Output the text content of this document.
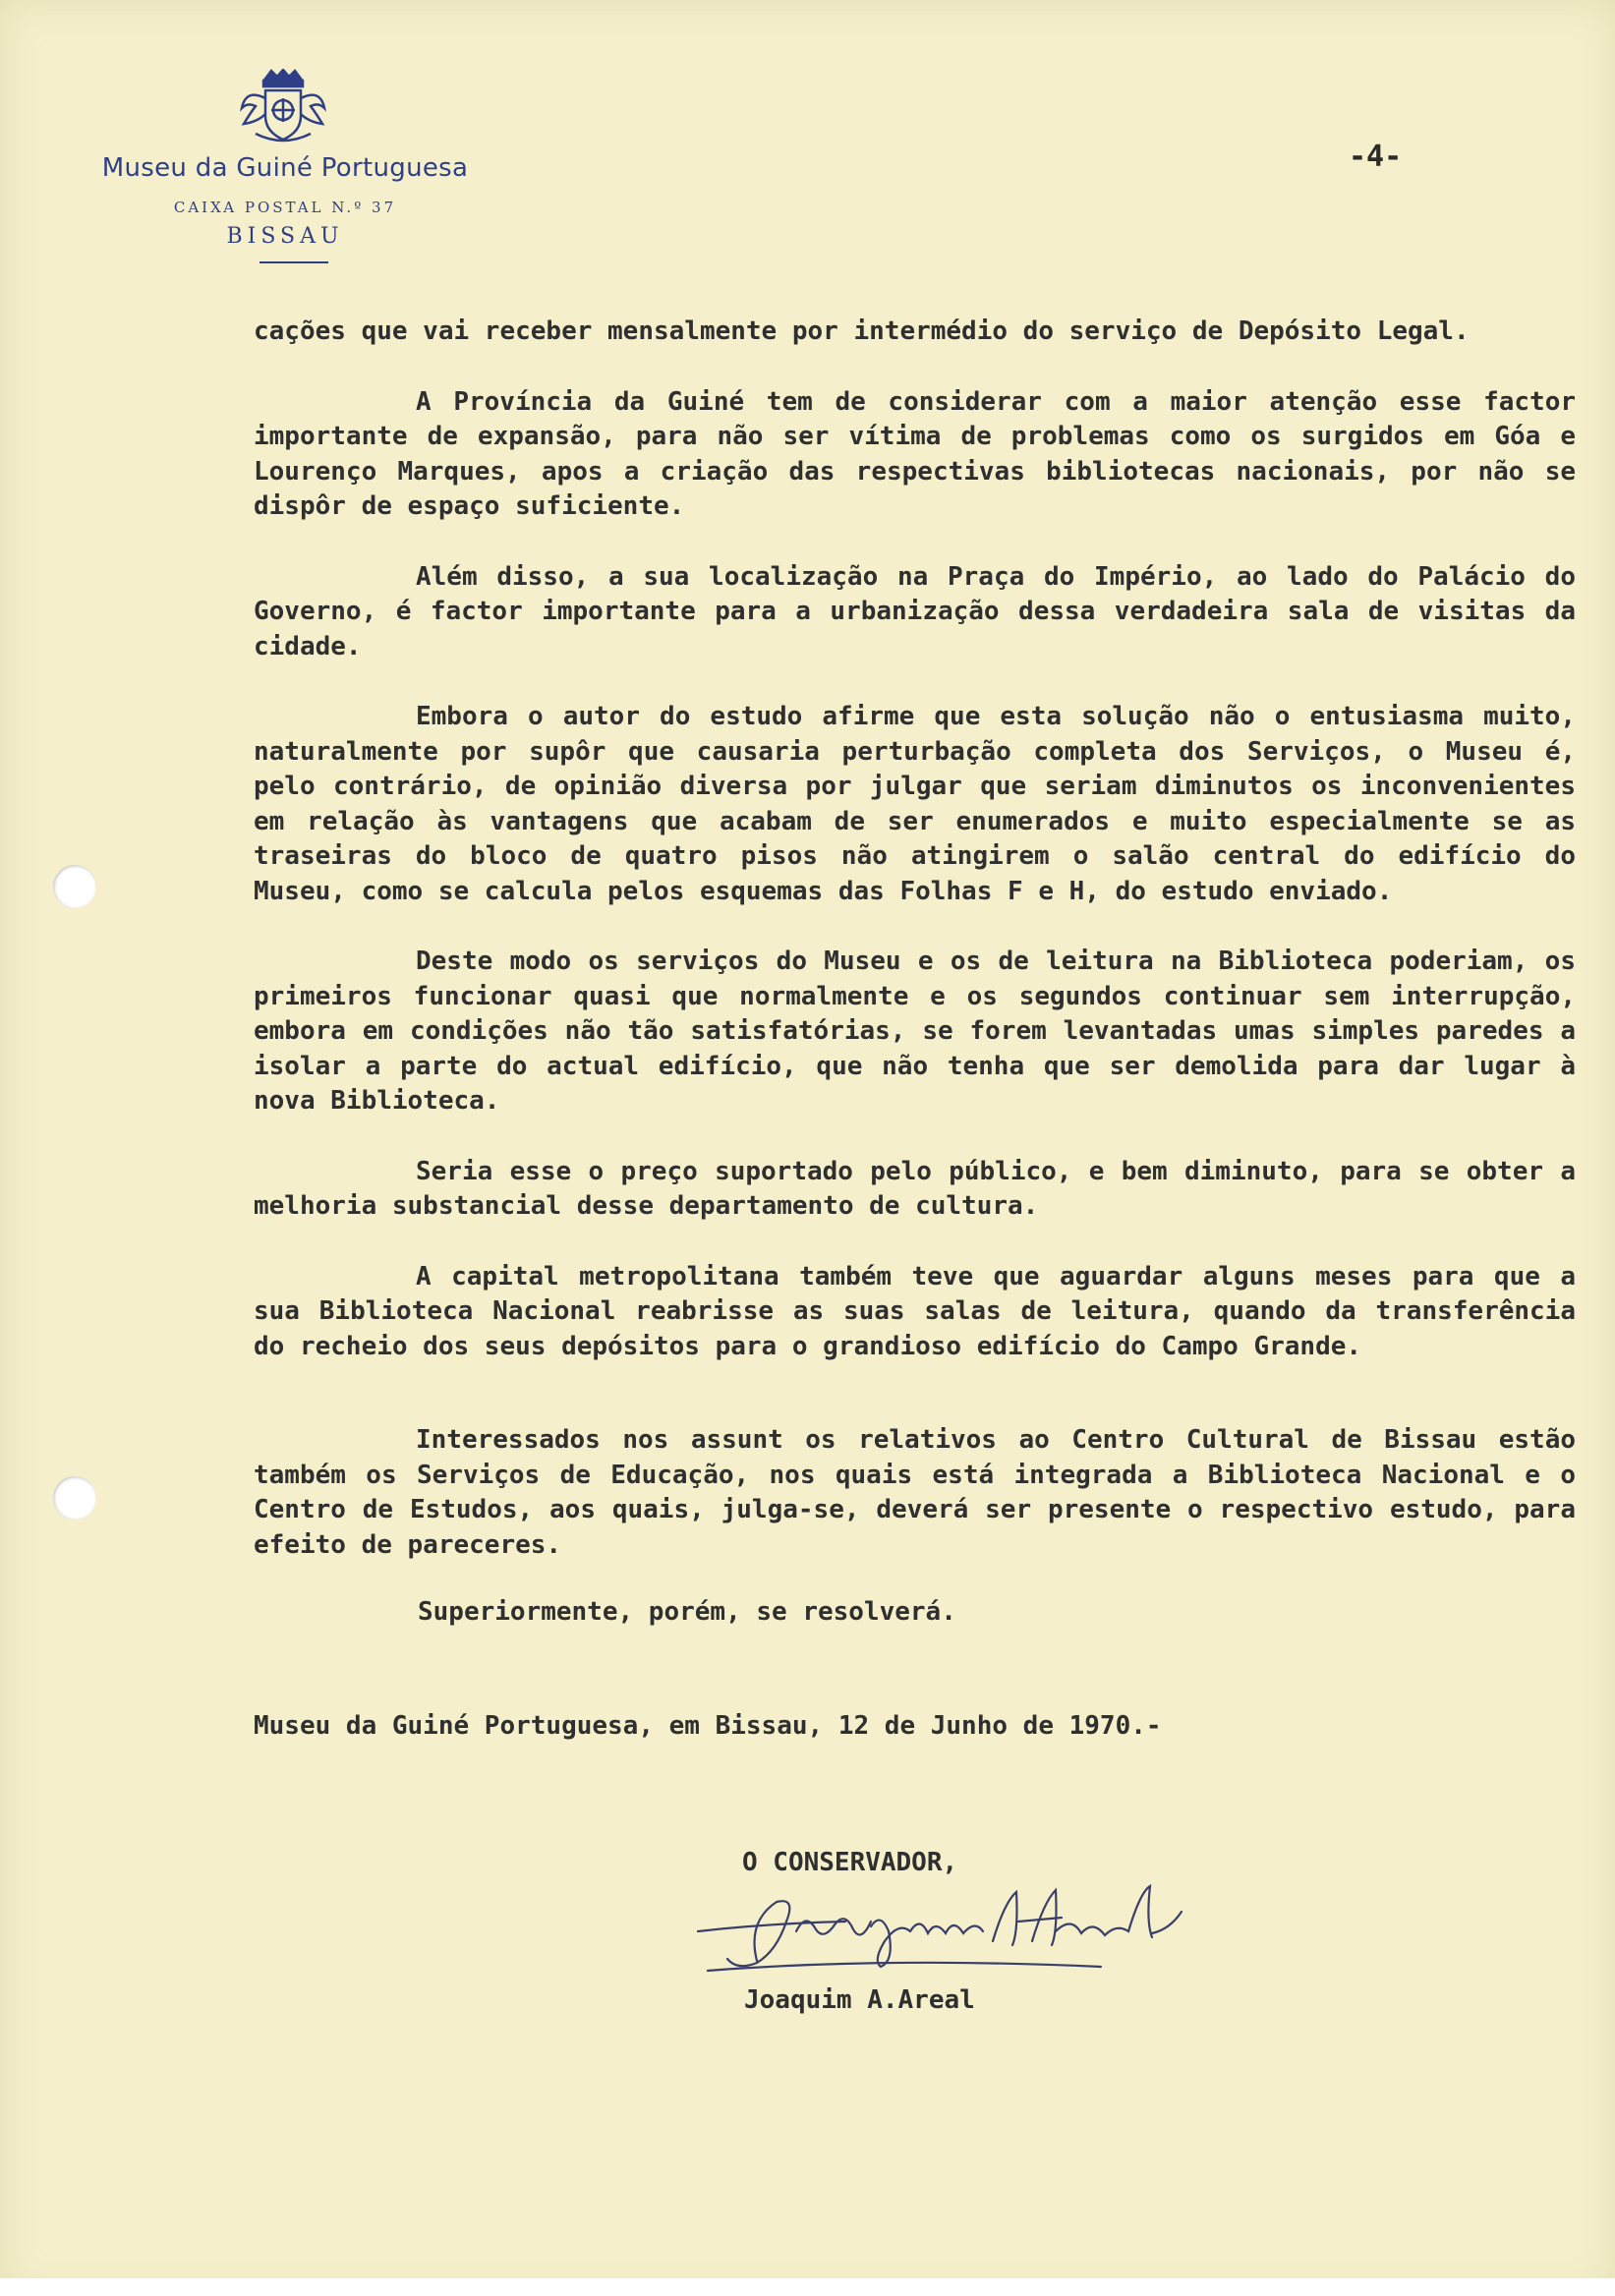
Museu da Guiné Portuguesa
CAIXA POSTAL N.º 37
BISSAU
-4-

cações que vai receber mensalmente por intermédio do serviço de Depósito Legal.

A Província da Guiné tem de considerar com a maior atenção esse factor importante de expansão, para não ser vítima de problemas como os surgidos em Góa e Lourenço Marques, apos a criação das respectivas bibliotecas nacionais, por não se dispôr de espaço suficiente.

Além disso, a sua localização na Praça do Império, ao lado do Palácio do Governo, é factor importante para a urbanização dessa verdadeira sala de visitas da cidade.

Embora o autor do estudo afirme que esta solução não o entusiasma muito, naturalmente por supôr que causaria perturbação completa dos Serviços, o Museu é, pelo contrário, de opinião diversa por julgar que seriam diminutos os inconvenientes em relação às vantagens que acabam de ser enumerados e muito especialmente se as traseiras do bloco de quatro pisos não atingirem o salão central do edifício do Museu, como se calcula pelos esquemas das Folhas F e H, do estudo enviado.

Deste modo os serviços do Museu e os de leitura na Biblioteca poderiam, os primeiros funcionar quasi que normalmente e os segundos continuar sem interrupção, embora em condições não tão satisfatórias, se forem levantadas umas simples paredes a isolar a parte do actual edifício, que não tenha que ser demolida para dar lugar à nova Biblioteca.

Seria esse o preço suportado pelo público, e bem diminuto, para se obter a melhoria substancial desse departamento de cultura.

A capital metropolitana também teve que aguardar alguns meses para que a sua Biblioteca Nacional reabrisse as suas salas de leitura, quando da transferência do recheio dos seus depósitos para o grandioso edifício do Campo Grande.

Interessados nos assunt os relativos ao Centro Cultural de Bissau estão também os Serviços de Educação, nos quais está integrada a Biblioteca Nacional e o Centro de Estudos, aos quais, julga-se, deverá ser presente o respectivo estudo, para efeito de pareceres.

Superiormente, porém, se resolverá.
Museu da Guiné Portuguesa, em Bissau, 12 de Junho de 1970.-
O CONSERVADOR,
Joaquim A.Areal
